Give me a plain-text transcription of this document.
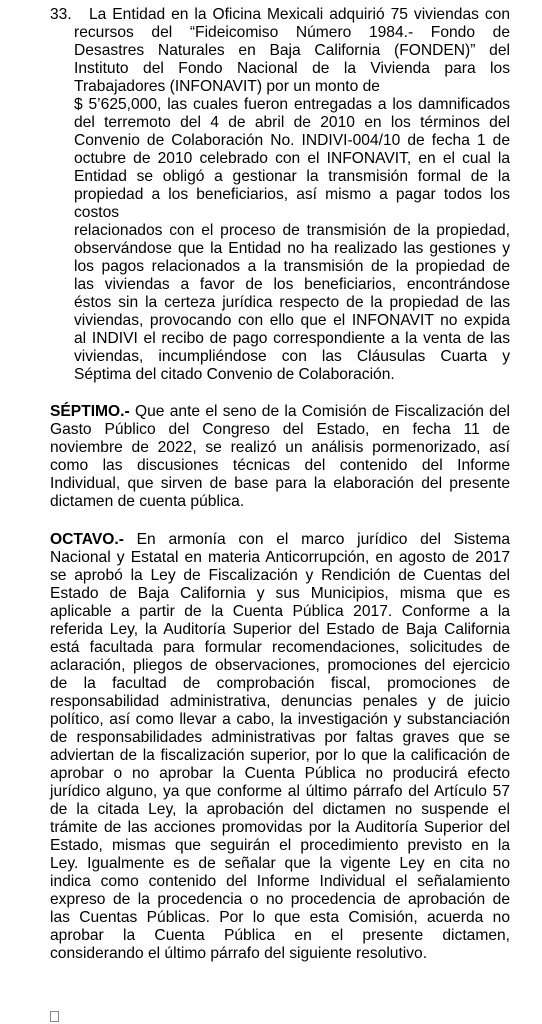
33. La Entidad en la Oficina Mexicali adquirió 75 viviendas con
recursos del “Fideicomiso Número 1984.- Fondo de
Desastres Naturales en Baja California (FONDEN)” del
Instituto del Fondo Nacional de la Vivienda para los
Trabajadores (INFONAVIT) por un monto de
$ 5’625,000, las cuales fueron entregadas a los damnificados
del terremoto del 4 de abril de 2010 en los términos del
Convenio de Colaboración No. INDIVI-004/10 de fecha 1 de
octubre de 2010 celebrado con el INFONAVIT, en el cual la
Entidad se obligó a gestionar la transmisión formal de la
propiedad a los beneficiarios, así mismo a pagar todos los
costos
relacionados con el proceso de transmisión de la propiedad,
observándose que la Entidad no ha realizado las gestiones y
los pagos relacionados a la transmisión de la propiedad de
las viviendas a favor de los beneficiarios, encontrándose
éstos sin la certeza jurídica respecto de la propiedad de las
viviendas, provocando con ello que el INFONAVIT no expida
al INDIVI el recibo de pago correspondiente a la venta de las
viviendas, incumpliéndose con las Cláusulas Cuarta y
Séptima del citado Convenio de Colaboración.
SÉPTIMO.- Que ante el seno de la Comisión de Fiscalización del
Gasto Público del Congreso del Estado, en fecha 11 de
noviembre de 2022, se realizó un análisis pormenorizado, así
como las discusiones técnicas del contenido del Informe
Individual, que sirven de base para la elaboración del presente
dictamen de cuenta pública.
OCTAVO.- En armonía con el marco jurídico del Sistema
Nacional y Estatal en materia Anticorrupción, en agosto de 2017
se aprobó la Ley de Fiscalización y Rendición de Cuentas del
Estado de Baja California y sus Municipios, misma que es
aplicable a partir de la Cuenta Pública 2017. Conforme a la
referida Ley, la Auditoría Superior del Estado de Baja California
está facultada para formular recomendaciones, solicitudes de
aclaración, pliegos de observaciones, promociones del ejercicio
de la facultad de comprobación fiscal, promociones de
responsabilidad administrativa, denuncias penales y de juicio
político, así como llevar a cabo, la investigación y substanciación
de responsabilidades administrativas por faltas graves que se
adviertan de la fiscalización superior, por lo que la calificación de
aprobar o no aprobar la Cuenta Pública no producirá efecto
jurídico alguno, ya que conforme al último párrafo del Artículo 57
de la citada Ley, la aprobación del dictamen no suspende el
trámite de las acciones promovidas por la Auditoría Superior del
Estado, mismas que seguirán el procedimiento previsto en la
Ley. Igualmente es de señalar que la vigente Ley en cita no
indica como contenido del Informe Individual el señalamiento
expreso de la procedencia o no procedencia de aprobación de
las Cuentas Públicas. Por lo que esta Comisión, acuerda no
aprobar la Cuenta Pública en el presente dictamen,
considerando el último párrafo del siguiente resolutivo.
